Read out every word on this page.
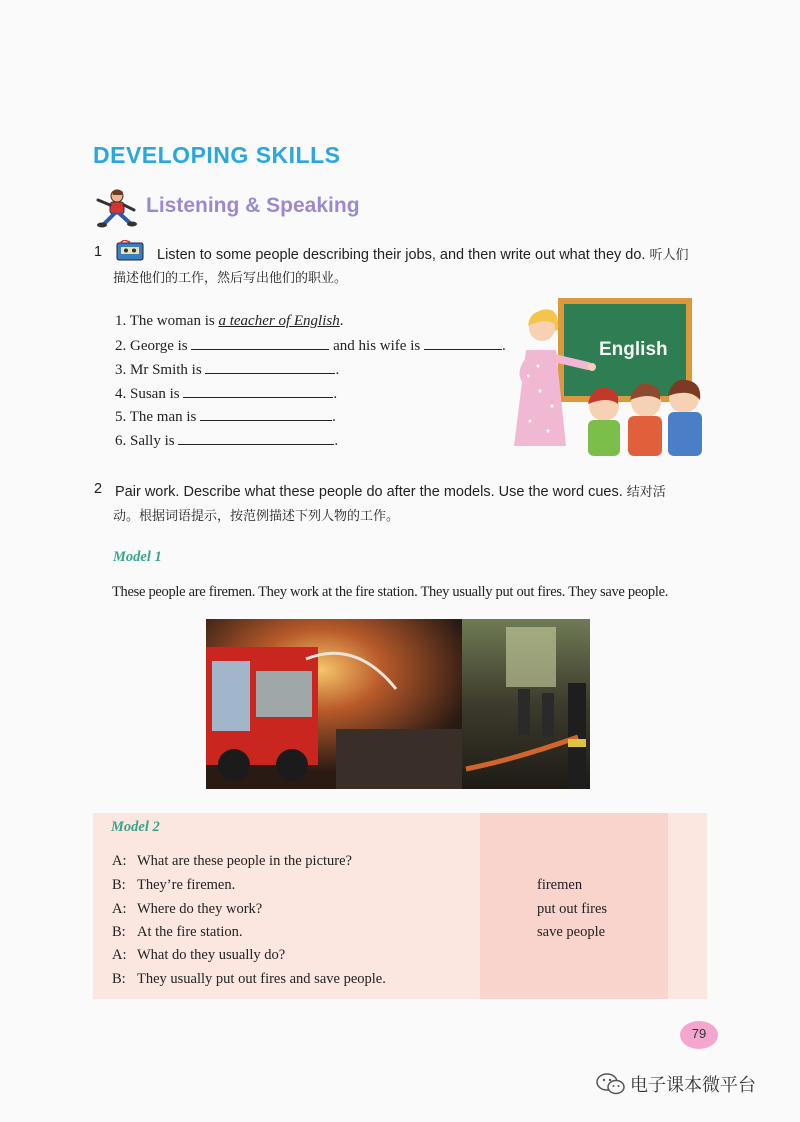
DEVELOPING SKILLS
Listening & Speaking
1	Listen to some people describing their jobs, and then write out what they do. 听人们
描述他们的工作，然后写出他们的职业。
1. The woman is a teacher of English.
2. George is	and his wife is	.
3. Mr Smith is	.
4. Susan is	.
5. The man is	.
6. Sally is	.
English
2 Pair work. Describe what these people do after the models. Use the word cues. 结对活
动。根据词语提示，按范例描述下列人物的工作。
Model 1
These people are firemen. They work at the fire station. They usually put out fires. They save people.
Model 2
A: What are these people in the picture?
B: They’re firemen.
A: Where do they work?
B: At the fire station.
A: What do they usually do?
B: They usually put out fires and save people.
firemen
put out fires
save people
79
电子课本微平台
